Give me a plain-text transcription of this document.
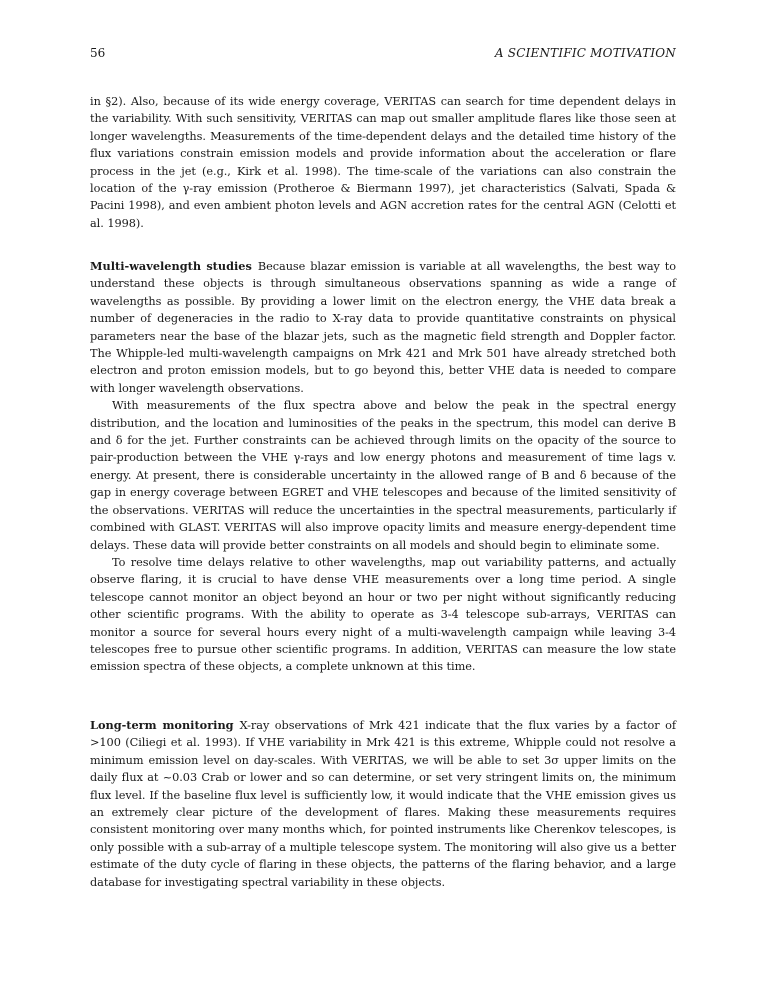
56	A SCIENTIFIC MOTIVATION

in §2). Also, because of its wide energy coverage, VERITAS can search for time dependent delays in the variability. With such sensitivity, VERITAS can map out smaller amplitude flares like those seen at longer wavelengths. Measurements of the time-dependent delays and the detailed time history of the flux variations constrain emission models and provide information about the acceleration or flare process in the jet (e.g., Kirk et al. 1998). The time-scale of the variations can also constrain the location of the γ-ray emission (Protheroe & Biermann 1997), jet characteristics (Salvati, Spada & Pacini 1998), and even ambient photon levels and AGN accretion rates for the central AGN (Celotti et al. 1998).

Multi-wavelength studies Because blazar emission is variable at all wavelengths, the best way to understand these objects is through simultaneous observations spanning as wide a range of wavelengths as possible. By providing a lower limit on the electron energy, the VHE data break a number of degeneracies in the radio to X-ray data to provide quantitative constraints on physical parameters near the base of the blazar jets, such as the magnetic field strength and Doppler factor. The Whipple-led multi-wavelength campaigns on Mrk 421 and Mrk 501 have already stretched both electron and proton emission models, but to go beyond this, better VHE data is needed to compare with longer wavelength observations.

With measurements of the flux spectra above and below the peak in the spectral energy distribution, and the location and luminosities of the peaks in the spectrum, this model can derive B and δ for the jet. Further constraints can be achieved through limits on the opacity of the source to pair-production between the VHE γ-rays and low energy photons and measurement of time lags v. energy. At present, there is considerable uncertainty in the allowed range of B and δ because of the gap in energy coverage between EGRET and VHE telescopes and because of the limited sensitivity of the observations. VERITAS will reduce the uncertainties in the spectral measurements, particularly if combined with GLAST. VERITAS will also improve opacity limits and measure energy-dependent time delays. These data will provide better constraints on all models and should begin to eliminate some.

To resolve time delays relative to other wavelengths, map out variability patterns, and actually observe flaring, it is crucial to have dense VHE measurements over a long time period. A single telescope cannot monitor an object beyond an hour or two per night without significantly reducing other scientific programs. With the ability to operate as 3-4 telescope sub-arrays, VERITAS can monitor a source for several hours every night of a multi-wavelength campaign while leaving 3-4 telescopes free to pursue other scientific programs. In addition, VERITAS can measure the low state emission spectra of these objects, a complete unknown at this time.

Long-term monitoring X-ray observations of Mrk 421 indicate that the flux varies by a factor of >100 (Ciliegi et al. 1993). If VHE variability in Mrk 421 is this extreme, Whipple could not resolve a minimum emission level on day-scales. With VERITAS, we will be able to set 3σ upper limits on the daily flux at ~0.03 Crab or lower and so can determine, or set very stringent limits on, the minimum flux level. If the baseline flux level is sufficiently low, it would indicate that the VHE emission gives us an extremely clear picture of the development of flares. Making these measurements requires consistent monitoring over many months which, for pointed instruments like Cherenkov telescopes, is only possible with a sub-array of a multiple telescope system. The monitoring will also give us a better estimate of the duty cycle of flaring in these objects, the patterns of the flaring behavior, and a large database for investigating spectral variability in these objects.
